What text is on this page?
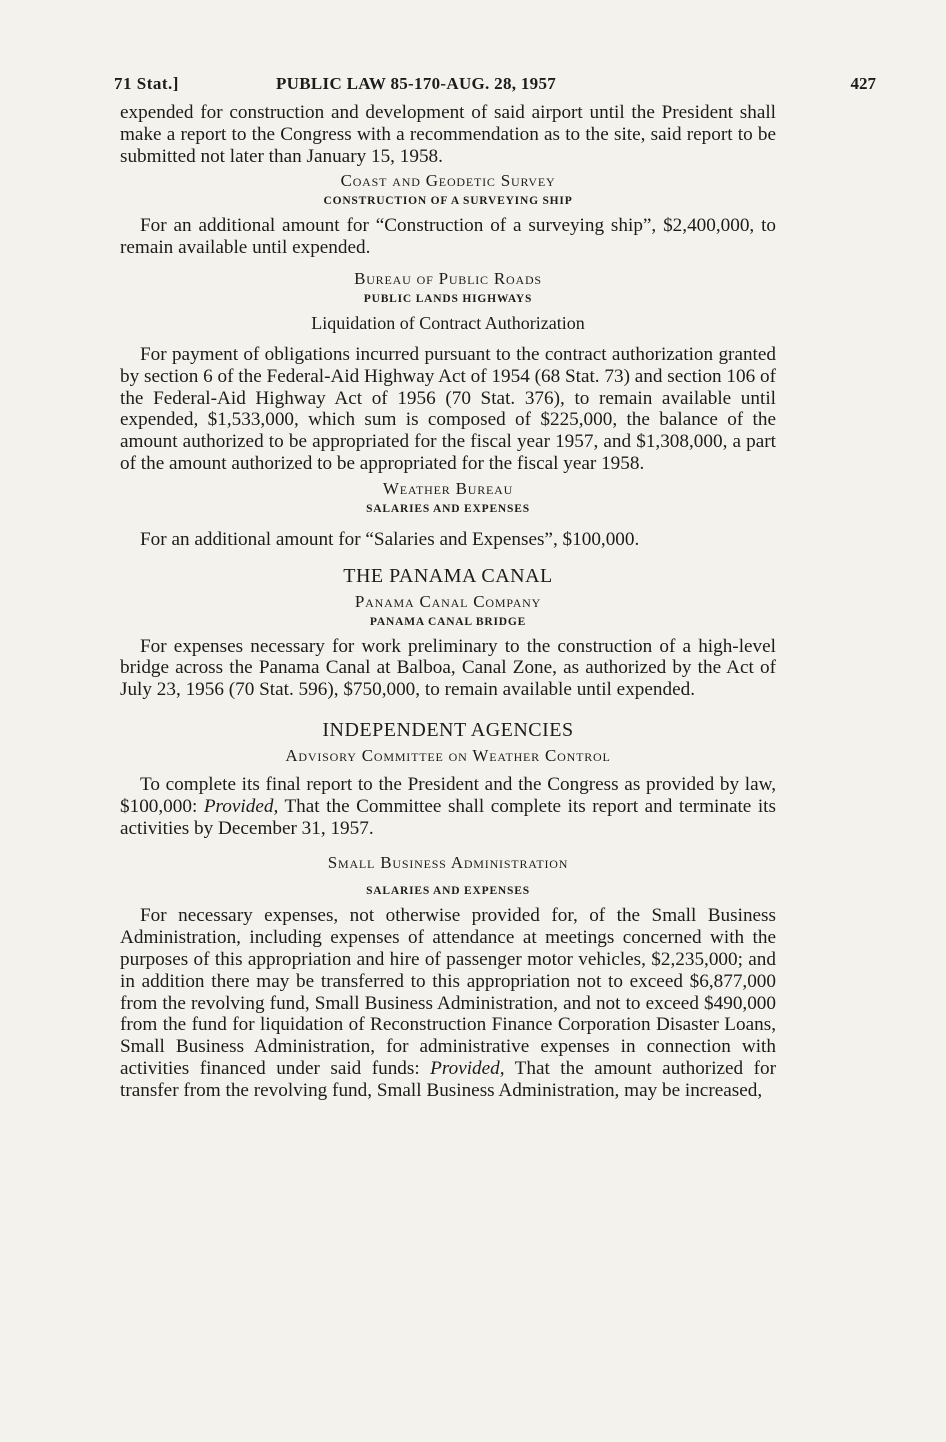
71 Stat.]	PUBLIC LAW 85-170-AUG. 28, 1957	427

expended for construction and development of said airport until the President shall make a report to the Congress with a recommendation as to the site, said report to be submitted not later than January 15, 1958.

Coast and Geodetic Survey
CONSTRUCTION OF A SURVEYING SHIP

For an additional amount for “Construction of a surveying ship”, $2,400,000, to remain available until expended.

Bureau of Public Roads
PUBLIC LANDS HIGHWAYS
Liquidation of Contract Authorization

For payment of obligations incurred pursuant to the contract authorization granted by section 6 of the Federal-Aid Highway Act of 1954 (68 Stat. 73) and section 106 of the Federal-Aid Highway Act of 1956 (70 Stat. 376), to remain available until expended, $1,533,000, which sum is composed of $225,000, the balance of the amount authorized to be appropriated for the fiscal year 1957, and $1,308,000, a part of the amount authorized to be appropriated for the fiscal year 1958.

Weather Bureau
SALARIES AND EXPENSES

For an additional amount for “Salaries and Expenses”, $100,000.

THE PANAMA CANAL
Panama Canal Company
PANAMA CANAL BRIDGE

For expenses necessary for work preliminary to the construction of a high-level bridge across the Panama Canal at Balboa, Canal Zone, as authorized by the Act of July 23, 1956 (70 Stat. 596), $750,000, to remain available until expended.

INDEPENDENT AGENCIES
Advisory Committee on Weather Control

To complete its final report to the President and the Congress as provided by law, $100,000: Provided, That the Committee shall complete its report and terminate its activities by December 31, 1957.

Small Business Administration
SALARIES AND EXPENSES

For necessary expenses, not otherwise provided for, of the Small Business Administration, including expenses of attendance at meetings concerned with the purposes of this appropriation and hire of passenger motor vehicles, $2,235,000; and in addition there may be transferred to this appropriation not to exceed $6,877,000 from the revolving fund, Small Business Administration, and not to exceed $490,000 from the fund for liquidation of Reconstruction Finance Corporation Disaster Loans, Small Business Administration, for administrative expenses in connection with activities financed under said funds: Provided, That the amount authorized for transfer from the revolving fund, Small Business Administration, may be increased,
